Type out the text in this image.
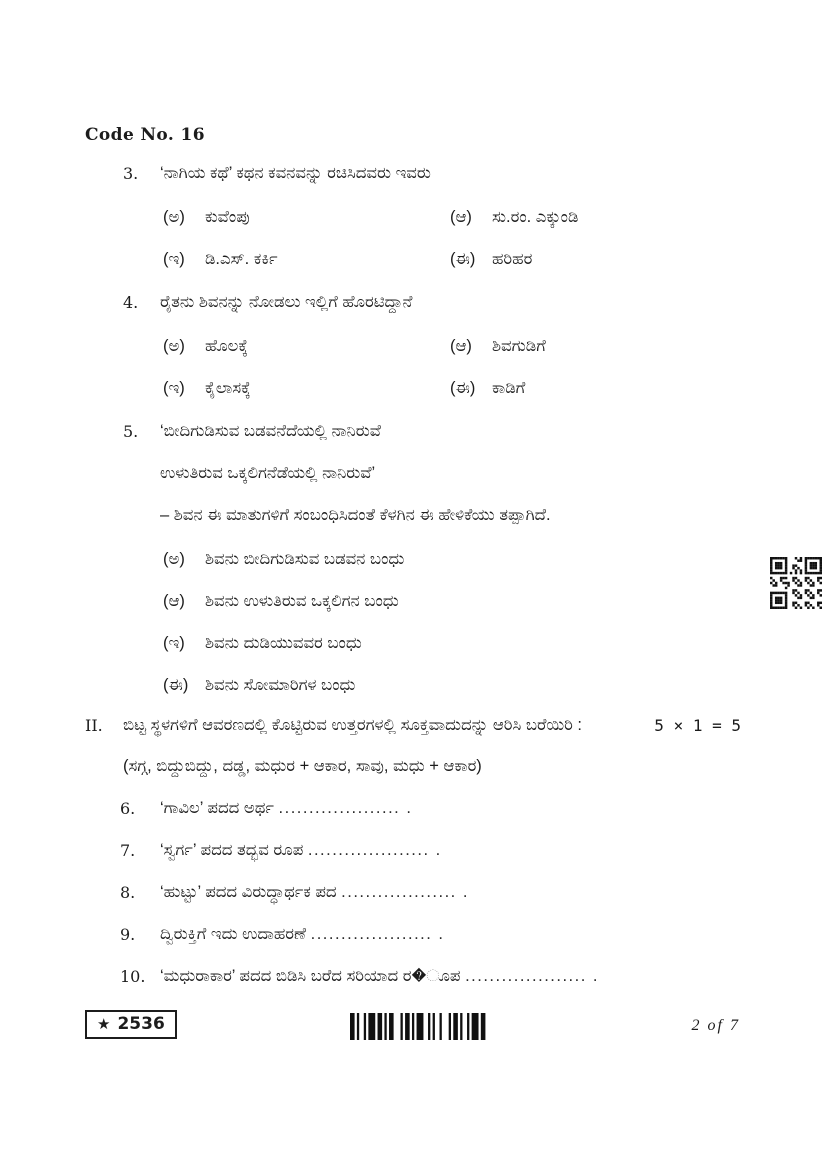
Code No. 16
3.	‘ನಾಗಿಯ ಕಥೆ’ ಕಥನ ಕವನವನ್ನು ರಚಿಸಿದವರು ಇವರು
(ಅ)	ಕುವೆಂಪು	(ಆ)	ಸು.ರಂ. ಎಕ್ಕುಂಡಿ
(ಇ)	ಡಿ.ಎಸ್. ಕರ್ಕಿ	(ಈ)	ಹರಿಹರ
4.	ರೈತನು ಶಿವನನ್ನು ನೋಡಲು ಇಲ್ಲಿಗೆ ಹೊರಟಿದ್ದಾನೆ
(ಅ)	ಹೊಲಕ್ಕೆ	(ಆ)	ಶಿವಗುಡಿಗೆ
(ಇ)	ಕೈಲಾಸಕ್ಕೆ	(ಈ)	ಕಾಡಿಗೆ
5.	‘ಬೀದಿಗುಡಿಸುವ ಬಡವನೆದೆಯಲ್ಲಿ ನಾನಿರುವೆ
ಉಳುತಿರುವ ಒಕ್ಕಲಿಗನೆಡೆಯಲ್ಲಿ ನಾನಿರುವೆ’
– ಶಿವನ ಈ ಮಾತುಗಳಿಗೆ ಸಂಬಂಧಿಸಿದಂತೆ ಕೆಳಗಿನ ಈ ಹೇಳಿಕೆಯು ತಪ್ಪಾಗಿದೆ.
(ಅ)	ಶಿವನು ಬೀದಿಗುಡಿಸುವ ಬಡವನ ಬಂಧು
(ಆ)	ಶಿವನು ಉಳುತಿರುವ ಒಕ್ಕಲಿಗನ ಬಂಧು
(ಇ)	ಶಿವನು ದುಡಿಯುವವರ ಬಂಧು
(ಈ)	ಶಿವನು ಸೋಮಾರಿಗಳ ಬಂಧು
II.	ಬಿಟ್ಟ ಸ್ಥಳಗಳಿಗೆ ಆವರಣದಲ್ಲಿ ಕೊಟ್ಟಿರುವ ಉತ್ತರಗಳಲ್ಲಿ ಸೂಕ್ತವಾದುದನ್ನು ಆರಿಸಿ ಬರೆಯಿರಿ :	5 × 1 = 5
(ಸಗ್ಗ, ಬಿದ್ದುಬಿದ್ದು, ದಡ್ಡ, ಮಧುರ + ಆಕಾರ, ಸಾವು, ಮಧು + ಆಕಾರ)
6.	‘ಗಾವಿಲ’ ಪದದ ಅರ್ಥ .................... .
7.	‘ಸ್ವರ್ಗ’ ಪದದ ತದ್ಭವ ರೂಪ .................... .
8.	‘ಹುಟ್ಟು’ ಪದದ ವಿರುದ್ಧಾರ್ಥಕ ಪದ ................... .
9.	ದ್ವಿರುಕ್ತಿಗೆ ಇದು ಉದಾಹರಣೆ .................... .
10. ‘ಮಧುರಾಕಾರ’ ಪದದ ಬಿಡಿಸಿ ಬರೆದ ಸರಿಯಾದ ರ�ೂಪ .................... .
★ 2536	2 of 7
